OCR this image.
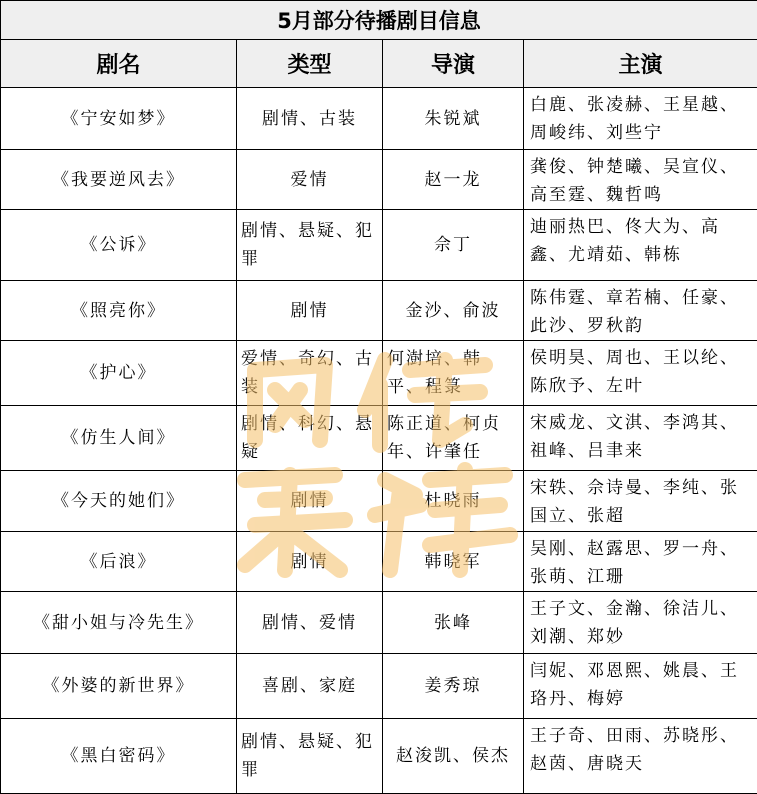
5月部分待播剧目信息			
剧名	类型	导演	主演
《宁安如梦》	剧情、古装	朱锐斌	白鹿、张凌赫、王星越、周峻纬、刘些宁
《我要逆风去》	爱情	赵一龙	龚俊、钟楚曦、吴宣仪、高至霆、魏哲鸣
《公诉》	剧情、悬疑、犯罪	佘丁	迪丽热巴、佟大为、高鑫、尤靖茹、韩栋
《照亮你》	剧情	金沙、俞波	陈伟霆、章若楠、任豪、此沙、罗秋韵
《护心》	爱情、奇幻、古装	何澍培、韩平、程箓	侯明昊、周也、王以纶、陈欣予、左叶
《仿生人间》	剧情、科幻、悬疑	陈正道、柯贞年、许肇任	宋威龙、文淇、李鸿其、祖峰、吕聿来
《今天的她们》	剧情	杜晓雨	宋轶、佘诗曼、李纯、张国立、张超
《后浪》	剧情	韩晓军	吴刚、赵露思、罗一舟、张萌、江珊
《甜小姐与冷先生》	剧情、爱情	张峰	王子文、金瀚、徐洁儿、刘潮、郑妙
《外婆的新世界》	喜剧、家庭	姜秀琼	闫妮、邓恩熙、姚晨、王珞丹、梅婷
《黑白密码》	剧情、悬疑、犯罪	赵浚凯、侯杰	王子奇、田雨、苏晓彤、赵茵、唐晓天
